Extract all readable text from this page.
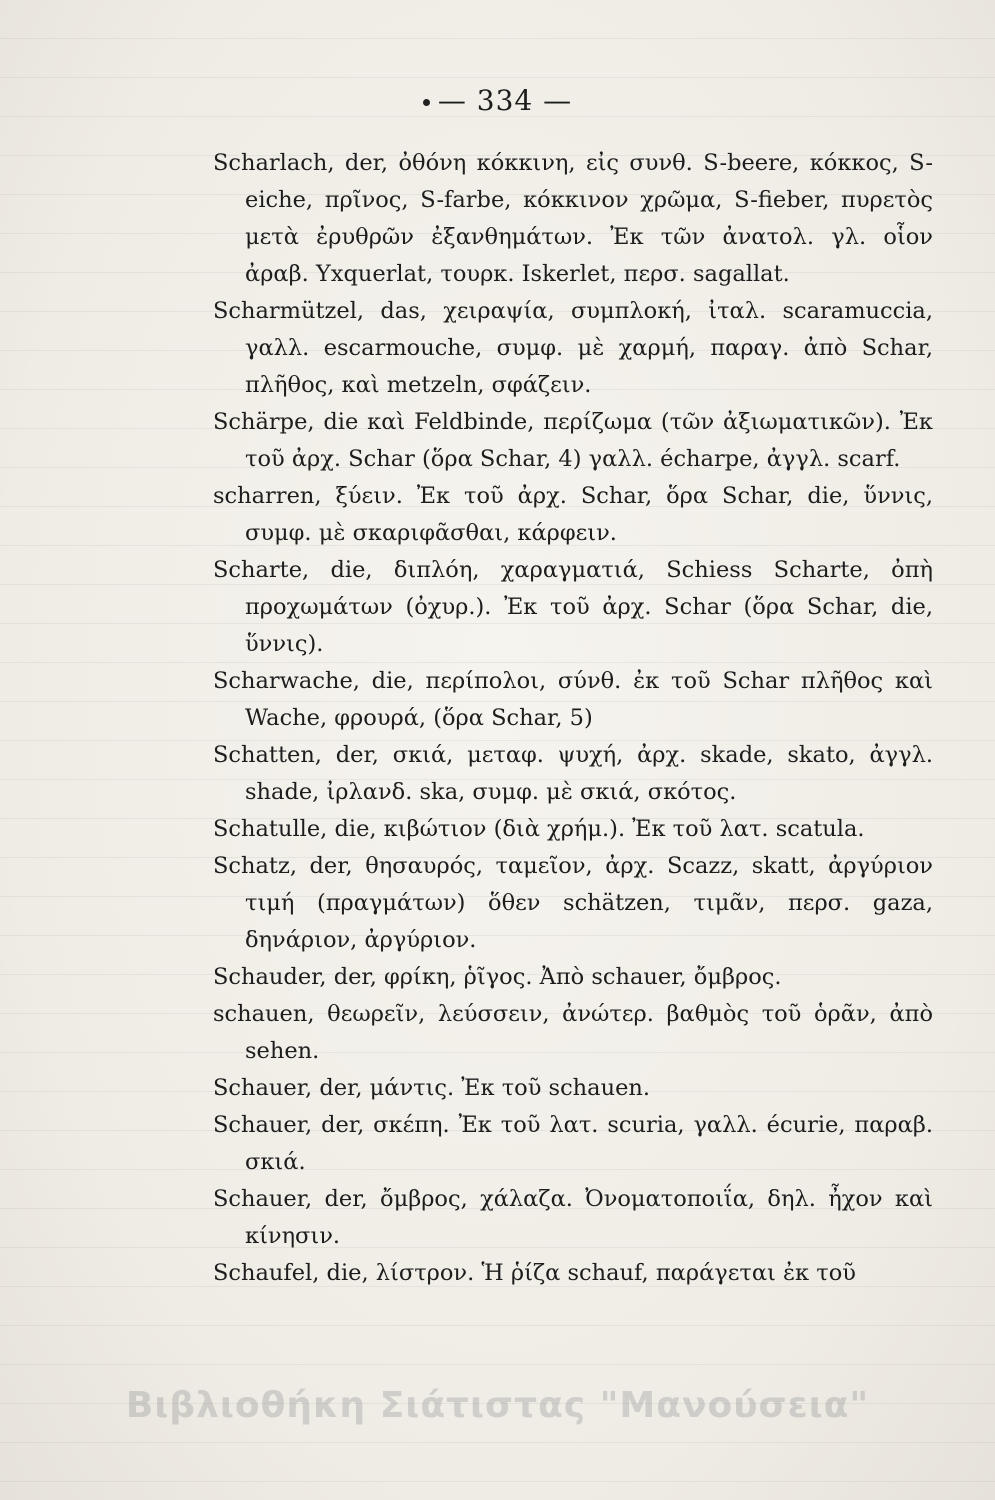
— 334 —

Scharlach, der, ὀθόνη κόκκινη, εἰς συνθ. S-beere, κόκκος, S-eiche, πρῖνος, S-farbe, κόκκινον χρῶμα, S-fieber, πυρετὸς μετὰ ἐρυθρῶν ἐξανθημάτων. Ἐκ τῶν ἀνατολ. γλ. οἷον ἀραβ. Yxquerlat, τουρκ. Iskerlet, περσ. sagallat.

Scharmützel, das, χειραψία, συμπλοκή, ἰταλ. scaramuccia, γαλλ. escarmouche, συμφ. μὲ χαρμή, παραγ. ἀπὸ Schar, πλῆθος, καὶ metzeln, σφάζειν.

Schärpe, die καὶ Feldbinde, περίζωμα (τῶν ἀξιωματικῶν). Ἐκ τοῦ ἀρχ. Schar (ὅρα Schar, 4) γαλλ. écharpe, ἀγγλ. scarf.

scharren, ξύειν. Ἐκ τοῦ ἀρχ. Schar, ὅρα Schar, die, ὕννις, συμφ. μὲ σκαριφᾶσθαι, κάρφειν.

Scharte, die, διπλόη, χαραγματιά, Schiess Scharte, ὀπὴ προχωμάτων (ὀχυρ.). Ἐκ τοῦ ἀρχ. Schar (ὅρα Schar, die, ὕννις).

Scharwache, die, περίπολοι, σύνθ. ἐκ τοῦ Schar πλῆθος καὶ Wache, φρουρά, (ὅρα Schar, 5)

Schatten, der, σκιά, μεταφ. ψυχή, ἀρχ. skade, skato, ἀγγλ. shade, ἰρλανδ. ska, συμφ. μὲ σκιά, σκότος.

Schatulle, die, κιβώτιον (διὰ χρήμ.). Ἐκ τοῦ λατ. scatula.

Schatz, der, θησαυρός, ταμεῖον, ἀρχ. Scazz, skatt, ἀργύριον τιμή (πραγμάτων) ὅθεν schätzen, τιμᾶν, περσ. gaza, δηνάριον, ἀργύριον.

Schauder, der, φρίκη, ῥῖγος. Ἀπὸ schauer, ὄμβρος.

schauen, θεωρεῖν, λεύσσειν, ἀνώτερ. βαθμὸς τοῦ ὁρᾶν, ἀπὸ sehen.

Schauer, der, μάντις. Ἐκ τοῦ schauen.

Schauer, der, σκέπη. Ἐκ τοῦ λατ. scuria, γαλλ. écurie, παραβ. σκιά.

Schauer, der, ὄμβρος, χάλαζα. Ὀνοματοποιΐα, δηλ. ἦχον καὶ κίνησιν.

Schaufel, die, λίστρον. Ἡ ῥίζα schauf, παράγεται ἐκ τοῦ

Βιβλιοθήκη Σιάτιστας "Μανούσεια"
